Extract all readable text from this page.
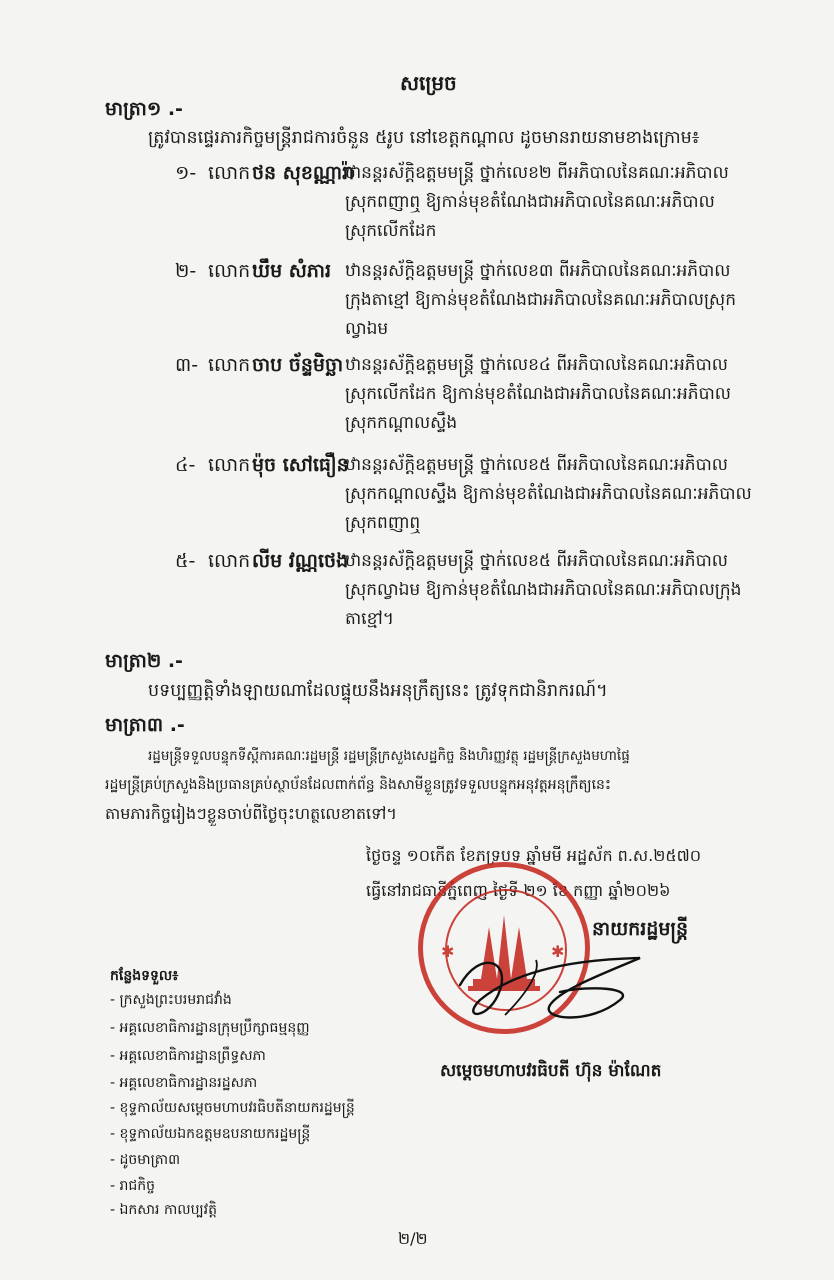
សម្រេច
មាត្រា១ .-
ត្រូវបានផ្ទេរភារកិច្ចមន្ត្រីរាជការចំនួន ៥រូប នៅខេត្តកណ្តាល ដូចមានរាយនាមខាងក្រោម៖
១- លោក ថន សុខណ្ណារ៉ា
ឋានន្តរស័ក្តិឧត្តមមន្ត្រី ថ្នាក់លេខ២ ពីអភិបាលនៃគណៈអភិបាល
ស្រុកពញាឮ ឱ្យកាន់មុខតំណែងជាអភិបាលនៃគណៈអភិបាល
ស្រុកលើកដែក
២- លោក ឃឹម សំភារ ឋានន្តរស័ក្តិឧត្តមមន្ត្រី ថ្នាក់លេខ៣ ពីអភិបាលនៃគណៈអភិបាល
ក្រុងតាខ្មៅ ឱ្យកាន់មុខតំណែងជាអភិបាលនៃគណៈអភិបាលស្រុក
ល្វាឯម
៣- លោក ចាប ច័ន្ទមិច្ឆា ឋានន្តរស័ក្តិឧត្តមមន្ត្រី ថ្នាក់លេខ៤ ពីអភិបាលនៃគណៈអភិបាល
ស្រុកលើកដែក ឱ្យកាន់មុខតំណែងជាអភិបាលនៃគណៈអភិបាល
ស្រុកកណ្តាលស្ទឹង
៤- លោក ម៉ុច សៅធឿន
ឋានន្តរស័ក្តិឧត្តមមន្ត្រី ថ្នាក់លេខ៥ ពីអភិបាលនៃគណៈអភិបាល
ស្រុកកណ្តាលស្ទឹង ឱ្យកាន់មុខតំណែងជាអភិបាលនៃគណៈអភិបាល
ស្រុកពញាឮ
៥- លោក លីម វណ្ណថេង
ឋានន្តរស័ក្តិឧត្តមមន្ត្រី ថ្នាក់លេខ៥ ពីអភិបាលនៃគណៈអភិបាល
ស្រុកល្វាឯម ឱ្យកាន់មុខតំណែងជាអភិបាលនៃគណៈអភិបាលក្រុង
តាខ្មៅ។
មាត្រា២ .-
បទប្បញ្ញត្តិទាំងឡាយណាដែលផ្ទុយនឹងអនុក្រឹត្យនេះ ត្រូវទុកជានិរាករណ៍។
មាត្រា៣ .-
រដ្ឋមន្ត្រីទទួលបន្ទុកទីស្តីការគណៈរដ្ឋមន្ត្រី រដ្ឋមន្ត្រីក្រសួងសេដ្ឋកិច្ច និងហិរញ្ញវត្ថុ រដ្ឋមន្ត្រីក្រសួងមហាផ្ទៃ
រដ្ឋមន្ត្រីគ្រប់ក្រសួងនិងប្រធានគ្រប់ស្ថាប័នដែលពាក់ព័ន្ធ និងសាមីខ្លួនត្រូវទទួលបន្ទុកអនុវត្តអនុក្រឹត្យនេះ
តាមភារកិច្ចរៀងៗខ្លួនចាប់ពីថ្ងៃចុះហត្ថលេខាតទៅ។
ថ្ងៃចន្ទ ១០កើត ខែភទ្របទ ឆ្នាំមមី អដ្ឋស័ក ព.ស.២៥៧០
ធ្វើនៅរាជធានីភ្នំពេញ ថ្ងៃទី ២១ ខែ កញ្ញា ឆ្នាំ២០២៦
✱	✱
នាយករដ្ឋមន្ត្រី
សម្តេចមហាបវរធិបតី ហ៊ុន ម៉ាណែត
កន្លែងទទួល៖
- ក្រសួងព្រះបរមរាជវាំង
- អគ្គលេខាធិការដ្ឋានក្រុមប្រឹក្សាធម្មនុញ្ញ
- អគ្គលេខាធិការដ្ឋានព្រឹទ្ធសភា
- អគ្គលេខាធិការដ្ឋានរដ្ឋសភា
- ខុទ្ទកាល័យសម្តេចមហាបវរធិបតីនាយករដ្ឋមន្ត្រី
- ខុទ្ទកាល័យឯកឧត្តមឧបនាយករដ្ឋមន្ត្រី
- ដូចមាត្រា៣
- រាជកិច្ច
- ឯកសារ កាលប្បវត្តិ
២/២
